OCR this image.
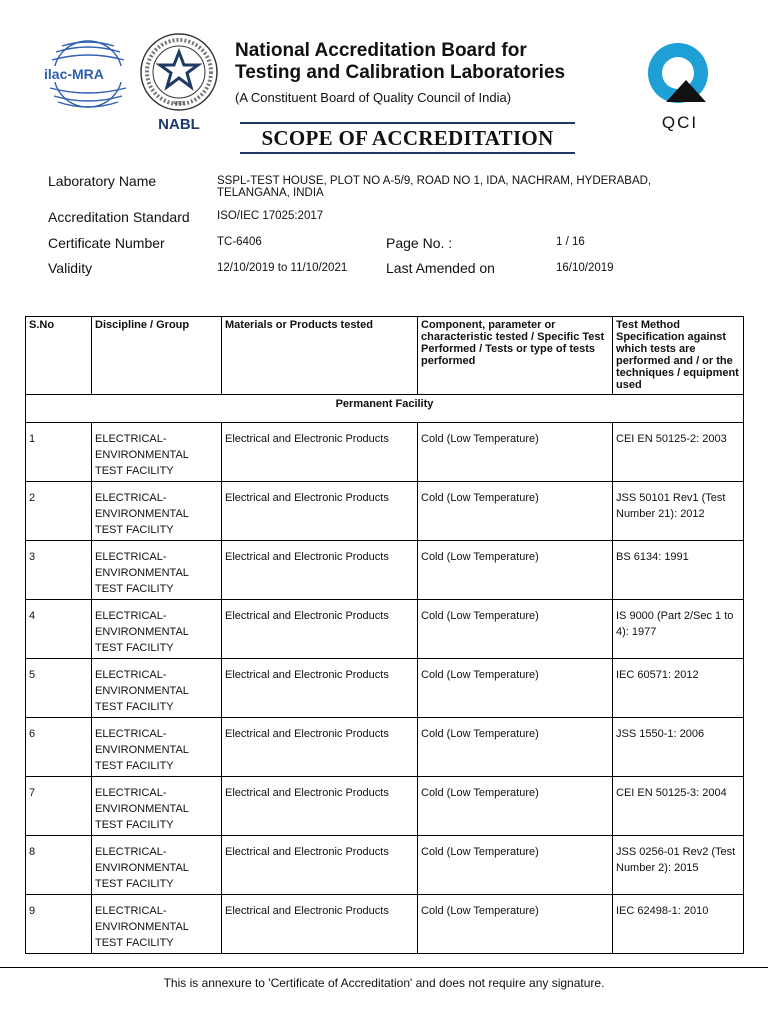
ilac-MRA
भारत
NABL	QCI
National Accreditation Board for
Testing and Calibration Laboratories
(A Constituent Board of Quality Council of India)
SCOPE OF ACCREDITATION
Laboratory Name	SSPL-TEST HOUSE, PLOT NO A-5/9, ROAD NO 1, IDA, NACHRAM, HYDERABAD,
TELANGANA, INDIA
Accreditation Standard ISO/IEC 17025:2017
Certificate Number	TC-6406	Page No. :	1 / 16
Validity	12/10/2019 to 11/10/2021	Last Amended on	16/10/2019
S.No	Discipline / Group	Materials or Products tested	Component, parameter or characteristic tested / Specific Test Performed / Tests or type of tests performed	Test Method Specification against which tests are performed and / or the techniques / equipment used
Permanent Facility				
1	ELECTRICAL-ENVIRONMENTAL TEST FACILITY	Electrical and Electronic Products	Cold (Low Temperature)	CEI EN 50125-2: 2003
2	ELECTRICAL-ENVIRONMENTAL TEST FACILITY	Electrical and Electronic Products	Cold (Low Temperature)	JSS 50101 Rev1 (Test Number 21): 2012
3	ELECTRICAL-ENVIRONMENTAL TEST FACILITY	Electrical and Electronic Products	Cold (Low Temperature)	BS 6134: 1991
4	ELECTRICAL-ENVIRONMENTAL TEST FACILITY	Electrical and Electronic Products	Cold (Low Temperature)	IS 9000 (Part 2/Sec 1 to 4): 1977
5	ELECTRICAL-ENVIRONMENTAL TEST FACILITY	Electrical and Electronic Products	Cold (Low Temperature)	IEC 60571: 2012
6	ELECTRICAL-ENVIRONMENTAL TEST FACILITY	Electrical and Electronic Products	Cold (Low Temperature)	JSS 1550-1: 2006
7	ELECTRICAL-ENVIRONMENTAL TEST FACILITY	Electrical and Electronic Products	Cold (Low Temperature)	CEI EN 50125-3: 2004
8	ELECTRICAL-ENVIRONMENTAL TEST FACILITY	Electrical and Electronic Products	Cold (Low Temperature)	JSS 0256-01 Rev2 (Test Number 2): 2015
9	ELECTRICAL-ENVIRONMENTAL TEST FACILITY	Electrical and Electronic Products	Cold (Low Temperature)	IEC 62498-1: 2010
This is annexure to 'Certificate of Accreditation' and does not require any signature.
